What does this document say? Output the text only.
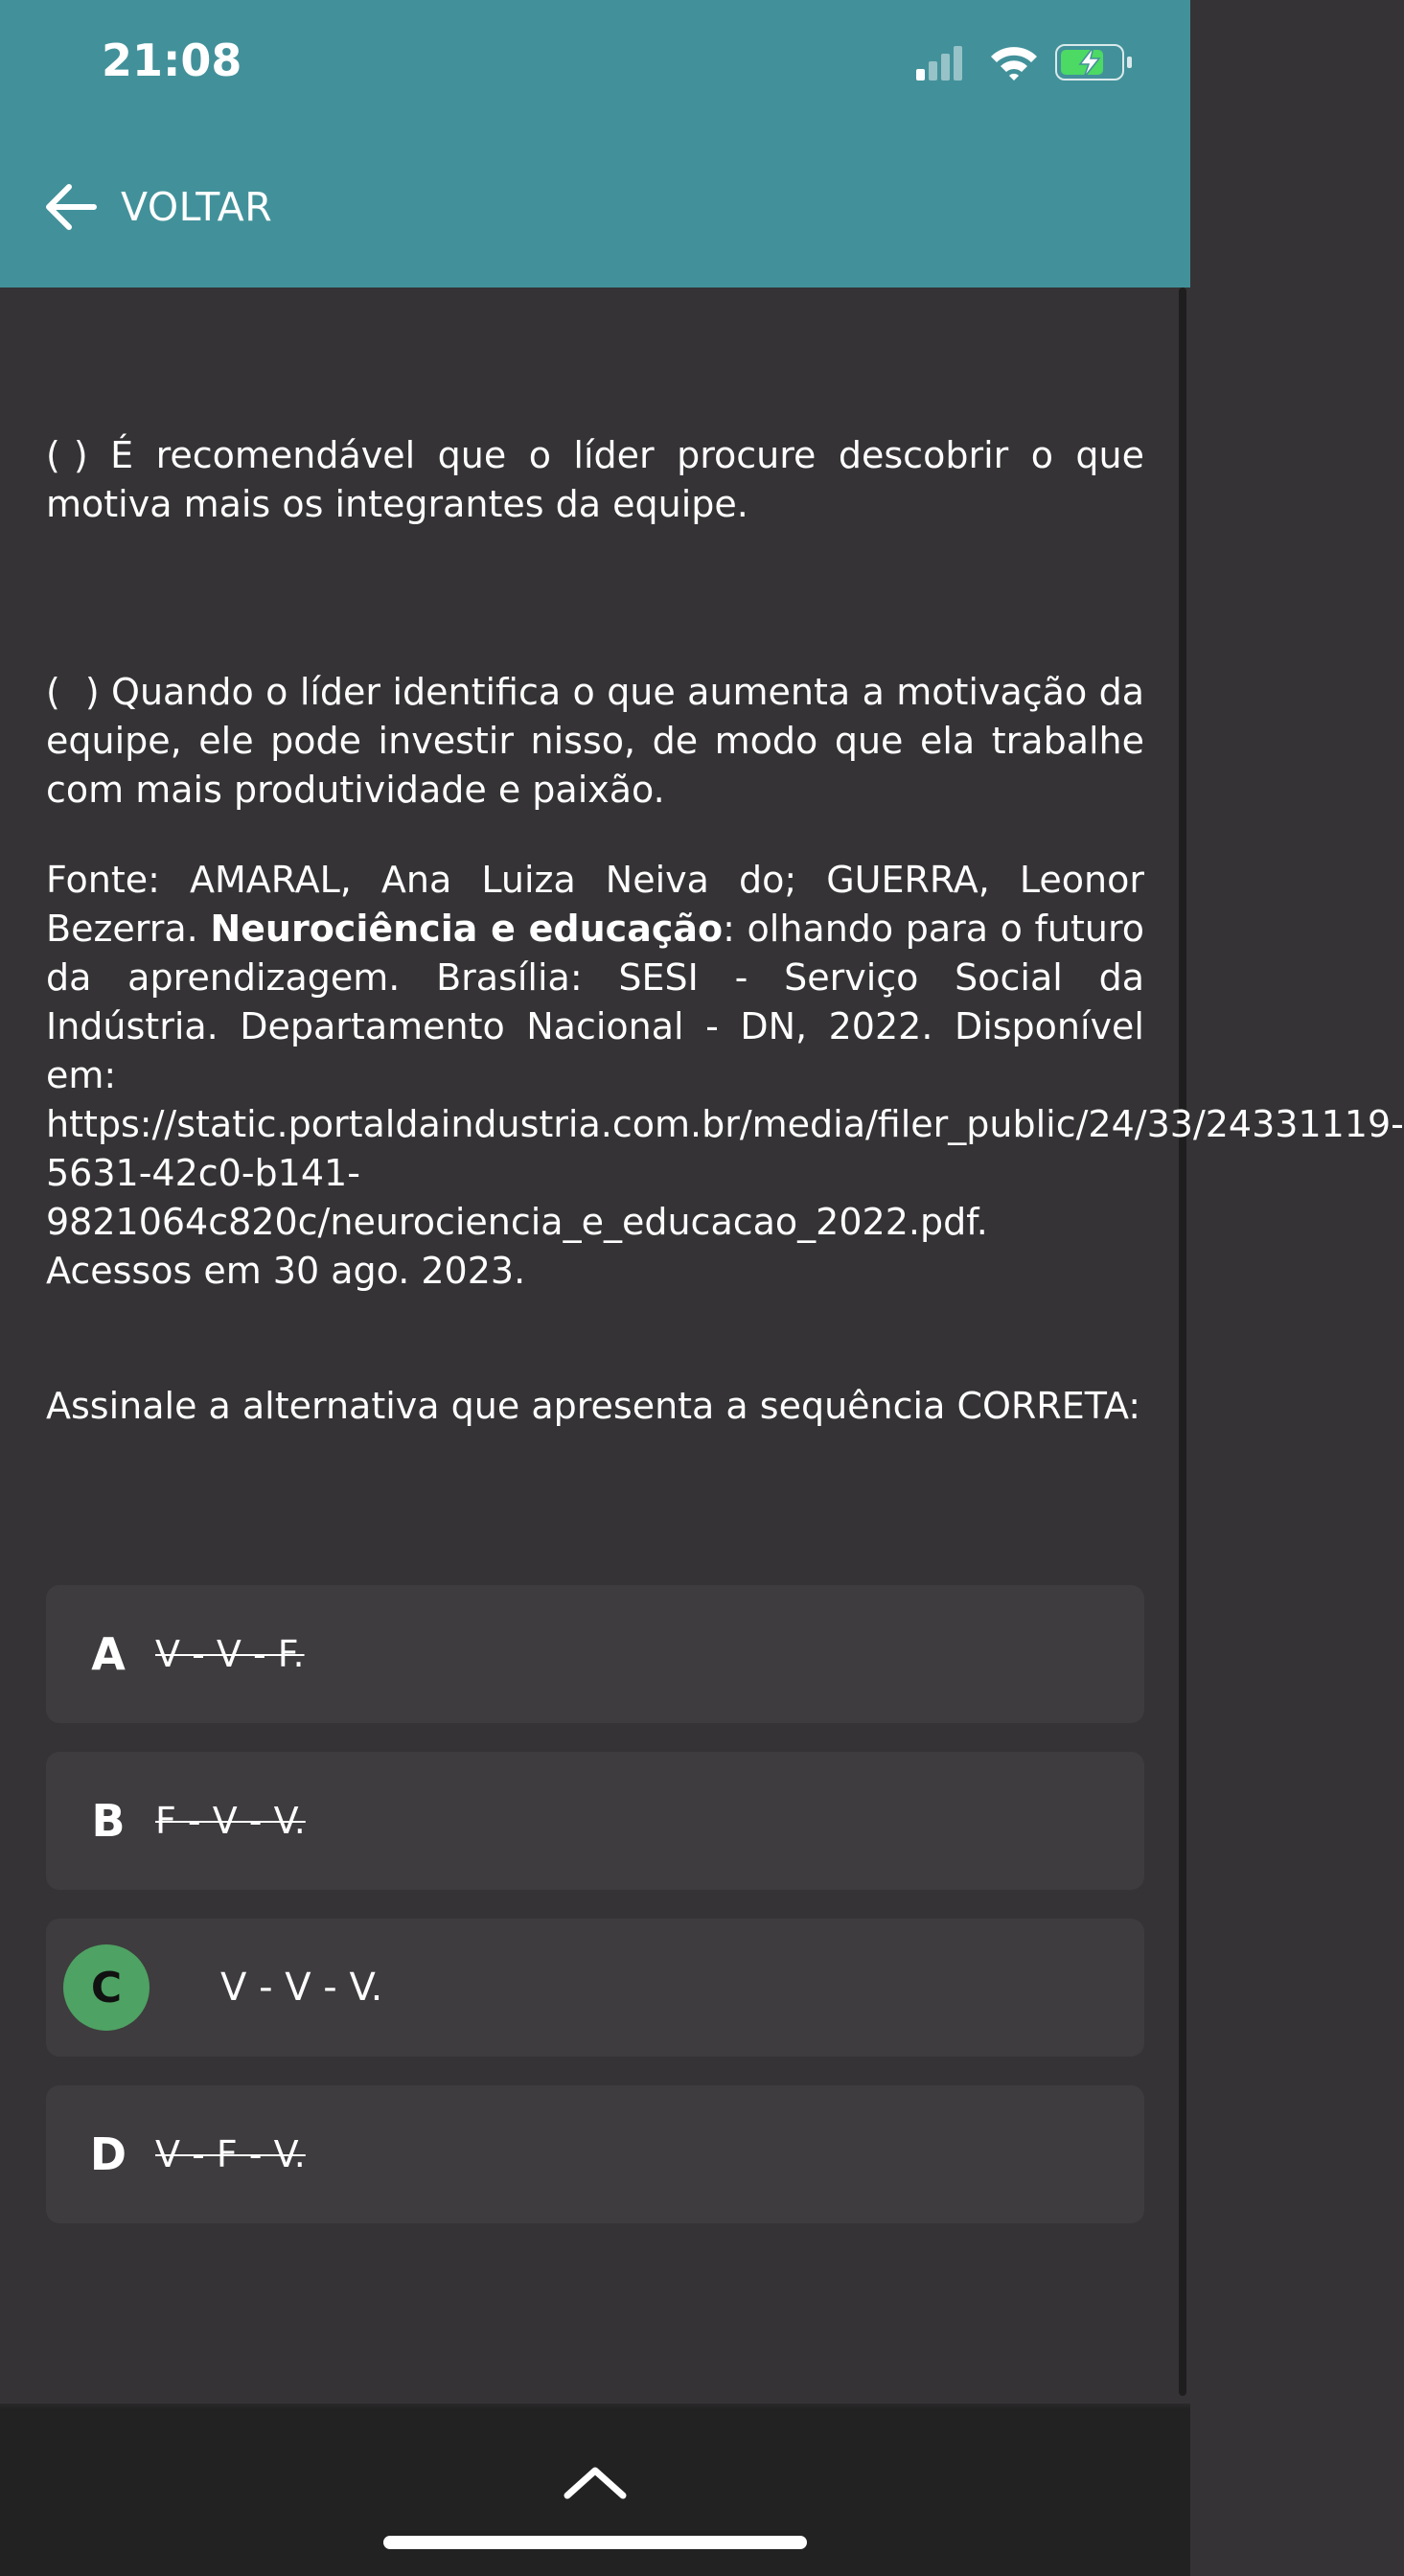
21:08
VOLTAR
( ) É recomendável que o líder procure descobrir o que motiva mais os integrantes da equipe.
( ) Quando o líder identifica o que aumenta a motivação da equipe, ele pode investir nisso, de modo que ela trabalhe com mais produtividade e paixão.
Fonte: AMARAL, Ana Luiza Neiva do; GUERRA, Leonor Bezerra. Neurociência e educação: olhando para o futuro da aprendizagem. Brasília: SESI - Serviço Social da Indústria. Departamento Nacional - DN, 2022. Disponível em: https://static.portaldaindustria.com.br/media/filer_public/24/33/24331119-5631-42c0-b141-9821064c820c/neurociencia_e_educacao_2022.pdf. Acessos em 30 ago. 2023.
Assinale a alternativa que apresenta a sequência CORRETA:
A V - V - F.
B F - V - V.
C	V - V - V.
D V - F - V.
